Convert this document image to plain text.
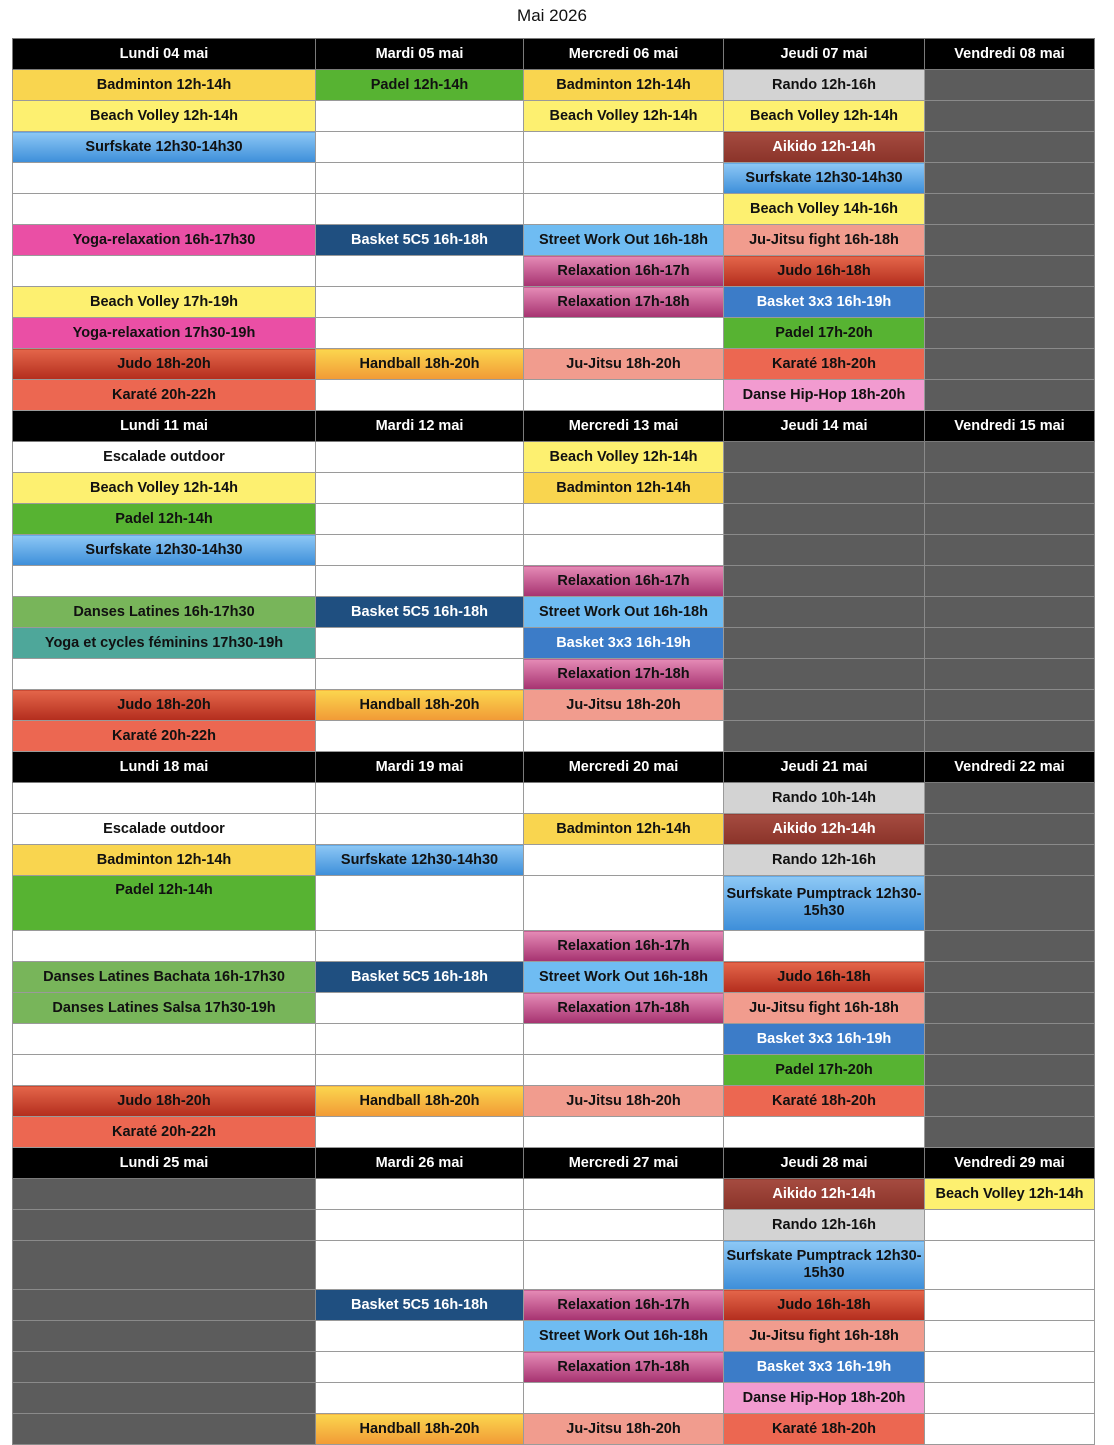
Mai 2026
Lundi 04 mai	Mardi 05 mai	Mercredi 06 mai	Jeudi 07 mai	Vendredi 08 mai
Badminton 12h-14h	Padel 12h-14h	Badminton 12h-14h	Rando 12h-16h	
Beach Volley 12h-14h		Beach Volley 12h-14h	Beach Volley 12h-14h	
Surfskate 12h30-14h30			Aikido 12h-14h	
			Surfskate 12h30-14h30	
			Beach Volley 14h-16h	
Yoga-relaxation 16h-17h30	Basket 5C5 16h-18h	Street Work Out 16h-18h	Ju-Jitsu fight 16h-18h	
		Relaxation 16h-17h	Judo 16h-18h	
Beach Volley 17h-19h		Relaxation 17h-18h	Basket 3x3 16h-19h	
Yoga-relaxation 17h30-19h			Padel 17h-20h	
Judo 18h-20h	Handball 18h-20h	Ju-Jitsu 18h-20h	Karaté 18h-20h	
Karaté 20h-22h			Danse Hip-Hop 18h-20h	
Lundi 11 mai	Mardi 12 mai	Mercredi 13 mai	Jeudi 14 mai	Vendredi 15 mai
Escalade outdoor		Beach Volley 12h-14h		
Beach Volley 12h-14h		Badminton 12h-14h		
Padel 12h-14h				
Surfskate 12h30-14h30				
		Relaxation 16h-17h		
Danses Latines 16h-17h30	Basket 5C5 16h-18h	Street Work Out 16h-18h		
Yoga et cycles féminins 17h30-19h		Basket 3x3 16h-19h		
		Relaxation 17h-18h		
Judo 18h-20h	Handball 18h-20h	Ju-Jitsu 18h-20h		
Karaté 20h-22h				
Lundi 18 mai	Mardi 19 mai	Mercredi 20 mai	Jeudi 21 mai	Vendredi 22 mai
			Rando 10h-14h	
Escalade outdoor		Badminton 12h-14h	Aikido 12h-14h	
Badminton 12h-14h	Surfskate 12h30-14h30		Rando 12h-16h	
Padel 12h-14h			Surfskate Pumptrack 12h30-15h30	
		Relaxation 16h-17h		
Danses Latines Bachata 16h-17h30	Basket 5C5 16h-18h	Street Work Out 16h-18h	Judo 16h-18h	
Danses Latines Salsa 17h30-19h		Relaxation 17h-18h	Ju-Jitsu fight 16h-18h	
			Basket 3x3 16h-19h	
			Padel 17h-20h	
Judo 18h-20h	Handball 18h-20h	Ju-Jitsu 18h-20h	Karaté 18h-20h	
Karaté 20h-22h				
Lundi 25 mai	Mardi 26 mai	Mercredi 27 mai	Jeudi 28 mai	Vendredi 29 mai
			Aikido 12h-14h	Beach Volley 12h-14h
			Rando 12h-16h	
			Surfskate Pumptrack 12h30-15h30	
	Basket 5C5 16h-18h	Relaxation 16h-17h	Judo 16h-18h	
		Street Work Out 16h-18h	Ju-Jitsu fight 16h-18h	
		Relaxation 17h-18h	Basket 3x3 16h-19h	
			Danse Hip-Hop 18h-20h	
	Handball 18h-20h	Ju-Jitsu 18h-20h	Karaté 18h-20h	
